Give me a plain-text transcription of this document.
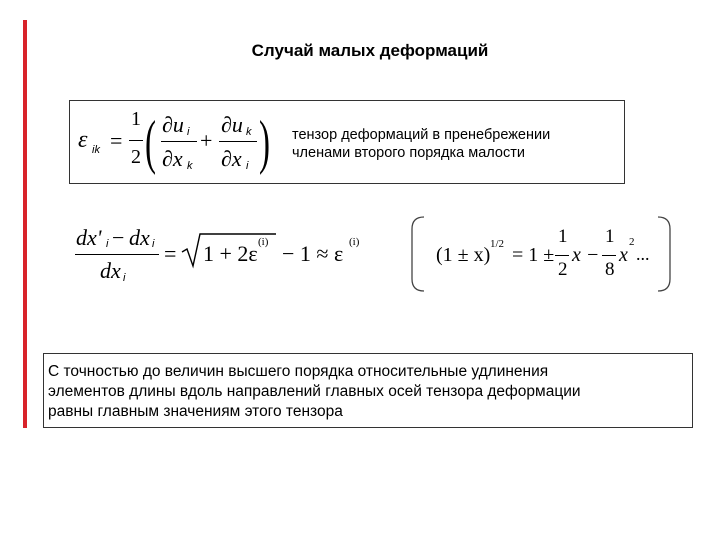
Случай малых деформаций
ε ik =
1
2 ( ∂u i
∂x k
+
∂u k
∂x i ) тензор деформаций в пренебрежении
членами второго порядка малости
dx' i − dx i
dx i
= 1 + 2ε (i) − 1 ≈ ε (i)
(1 ± x) 1/2 = 1 ±
1
2
x −
1
8
x
2
...
С точностью до величин высшего порядка относительные удлинения
элементов длины вдоль направлений главных осей тензора деформации
равны главным значениям этого тензора
